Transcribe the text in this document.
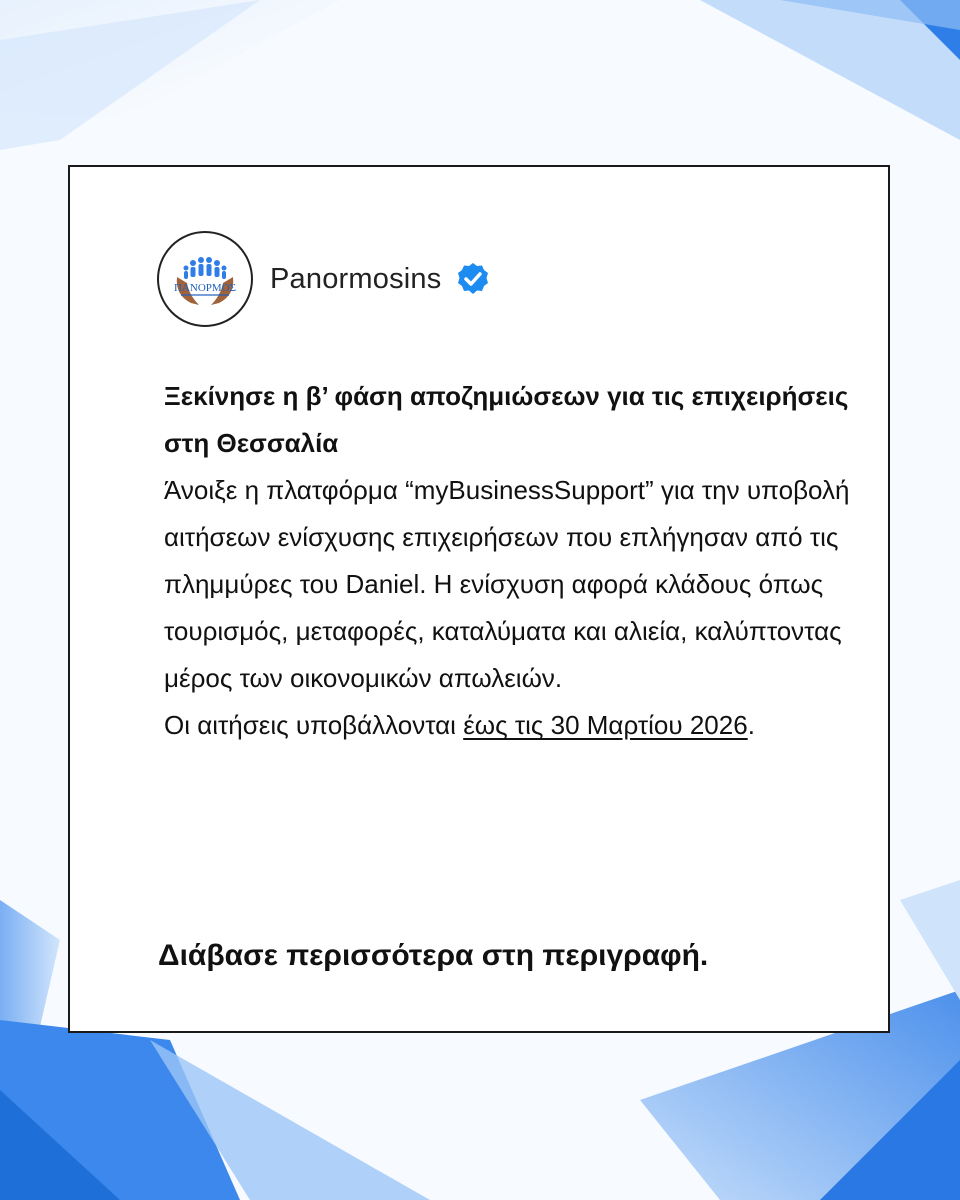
ΠΑΝΟΡΜΟΣ Panormosins
Ξεκίνησε η β’ φάση αποζημιώσεων για τις επιχειρήσεις στη Θεσσαλία
Άνοιξε η πλατφόρμα “myBusinessSupport” για την υποβολή αιτήσεων ενίσχυσης επιχειρήσεων που επλήγησαν από τις πλημμύρες του Daniel. Η ενίσχυση αφορά κλάδους όπως τουρισμός, μεταφορές, καταλύματα και αλιεία, καλύπτοντας μέρος των οικονομικών απωλειών.
Οι αιτήσεις υποβάλλονται έως τις 30 Μαρτίου 2026.
Διάβασε περισσότερα στη περιγραφή.
